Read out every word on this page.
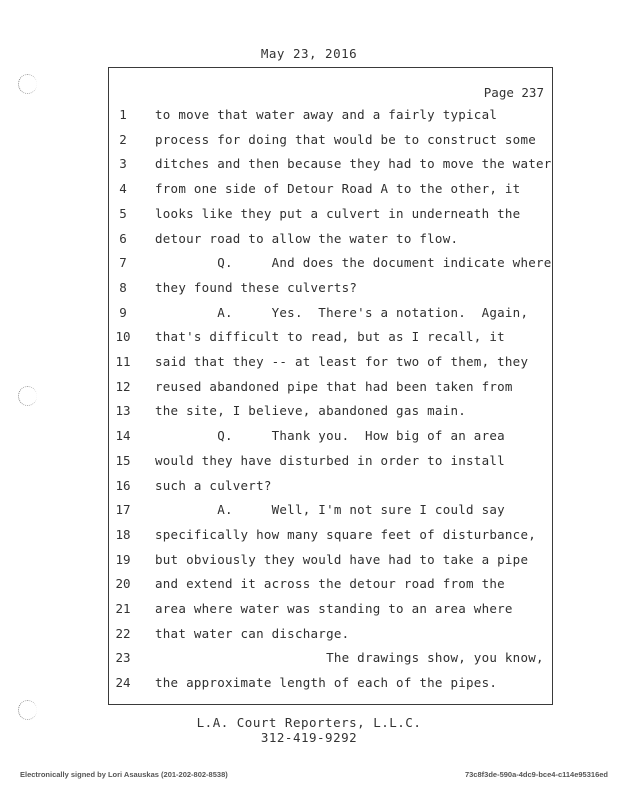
May 23, 2016
Page 237
1	to move that water away and a fairly typical
2	process for doing that would be to construct some
3	ditches and then because they had to move the water
4	from one side of Detour Road A to the other, it
5	looks like they put a culvert in underneath the
6	detour road to allow the water to flow.
7	Q.     And does the document indicate where
8	they found these culverts?
9	A.     Yes.  There's a notation.  Again,
10	that's difficult to read, but as I recall, it
11	said that they -- at least for two of them, they
12	reused abandoned pipe that had been taken from
13	the site, I believe, abandoned gas main.
14	Q.     Thank you.  How big of an area
15	would they have disturbed in order to install
16	such a culvert?
17	A.     Well, I'm not sure I could say
18	specifically how many square feet of disturbance,
19	but obviously they would have had to take a pipe
20	and extend it across the detour road from the
21	area where water was standing to an area where
22	that water can discharge.
23	The drawings show, you know,
24	the approximate length of each of the pipes.
L.A. Court Reporters, L.L.C.
312-419-9292
Electronically signed by Lori Asauskas (201-202-802-8538)	73c8f3de-590a-4dc9-bce4-c114e95316ed
